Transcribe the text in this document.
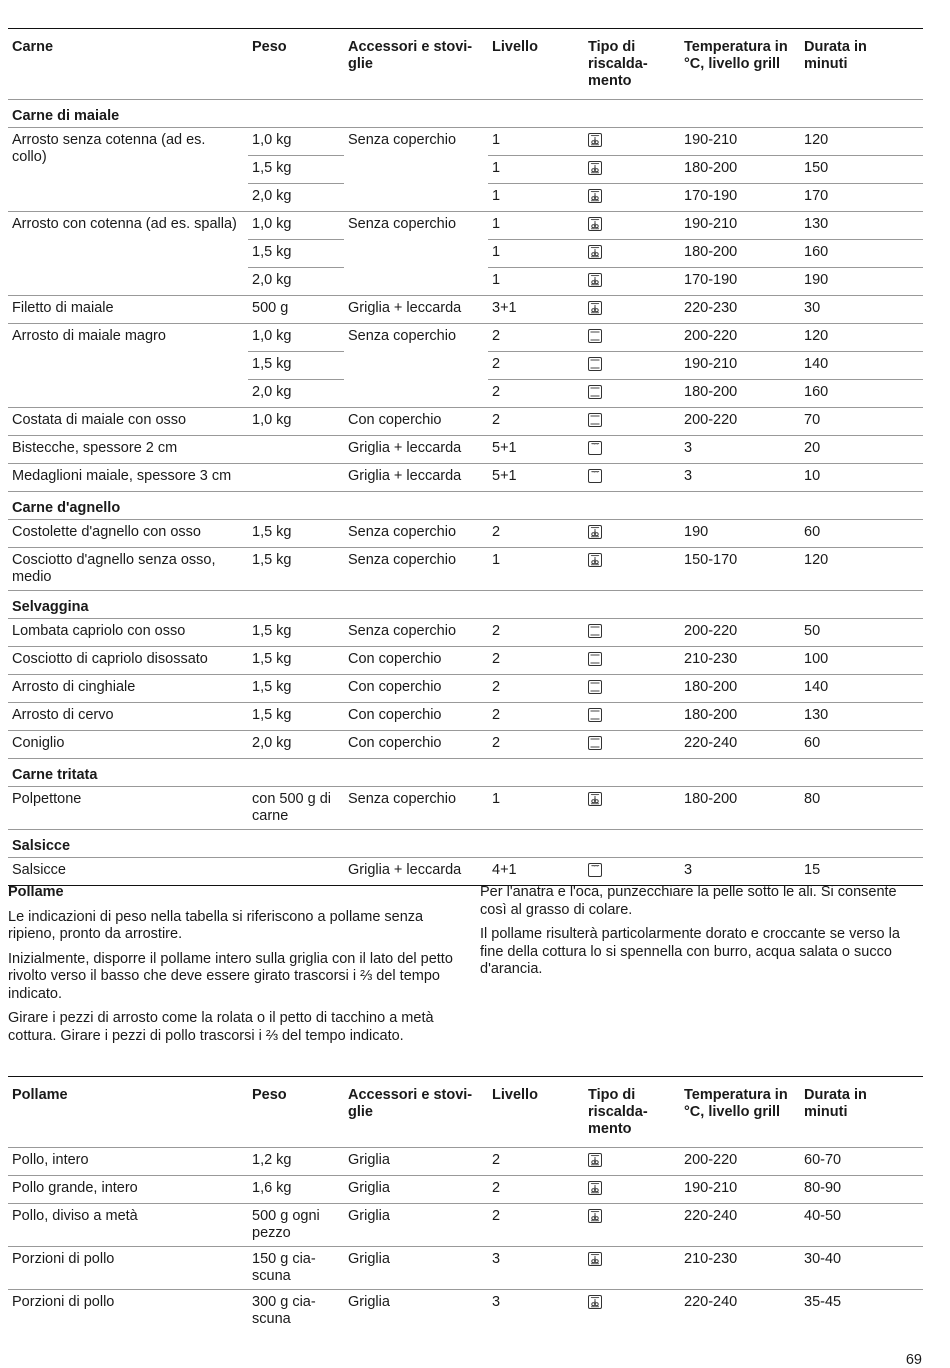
Carne	Peso	Accessori e stovi-
glie	Livello	Tipo di
riscalda-
mento	Temperatura in
°C, livello grill	Durata in
minuti
Carne di maiale						
Arrosto senza cotenna (ad es. collo)	1,0 kg	Senza coperchio	1		190-210	120
	1,5 kg		1		180-200	150
	2,0 kg		1		170-190	170
Arrosto con cotenna (ad es. spalla)	1,0 kg	Senza coperchio	1		190-210	130
	1,5 kg		1		180-200	160
	2,0 kg		1		170-190	190
Filetto di maiale	500 g	Griglia + leccarda	3+1		220-230	30
Arrosto di maiale magro	1,0 kg	Senza coperchio	2		200-220	120
	1,5 kg		2		190-210	140
	2,0 kg		2		180-200	160
Costata di maiale con osso	1,0 kg	Con coperchio	2		200-220	70
Bistecche, spessore 2 cm		Griglia + leccarda	5+1		3	20
Medaglioni maiale, spessore 3 cm		Griglia + leccarda	5+1		3	10
Carne d'agnello						
Costolette d'agnello con osso	1,5 kg	Senza coperchio	2		190	60
Cosciotto d'agnello senza osso, medio	1,5 kg	Senza coperchio	1		150-170	120
Selvaggina						
Lombata capriolo con osso	1,5 kg	Senza coperchio	2		200-220	50
Cosciotto di capriolo disossato	1,5 kg	Con coperchio	2		210-230	100
Arrosto di cinghiale	1,5 kg	Con coperchio	2		180-200	140
Arrosto di cervo	1,5 kg	Con coperchio	2		180-200	130
Coniglio	2,0 kg	Con coperchio	2		220-240	60
Carne tritata						
Polpettone	con 500 g di carne	Senza coperchio	1		180-200	80
Salsicce						
Salsicce		Griglia + leccarda	4+1		3	15

Pollame

Le indicazioni di peso nella tabella si riferiscono a pollame senza ripieno, pronto da arrostire.

Inizialmente, disporre il pollame intero sulla griglia con il lato del petto rivolto verso il basso che deve essere girato trascorsi i ⅔ del tempo indicato.

Girare i pezzi di arrosto come la rolata o il petto di tacchino a metà cottura. Girare i pezzi di pollo trascorsi i ⅔ del tempo indicato.

Per l'anatra e l'oca, punzecchiare la pelle sotto le ali. Si consente così al grasso di colare.

Il pollame risulterà particolarmente dorato e croccante se verso la fine della cottura lo si spennella con burro, acqua salata o succo d'arancia.

Pollame	Peso	Accessori e stovi-
glie	Livello	Tipo di
riscalda-
mento	Temperatura in
°C, livello grill	Durata in
minuti
Pollo, intero	1,2 kg	Griglia	2		200-220	60-70
Pollo grande, intero	1,6 kg	Griglia	2		190-210	80-90
Pollo, diviso a metà	500 g ogni pezzo	Griglia	2		220-240	40-50
Porzioni di pollo	150 g cia-scuna	Griglia	3		210-230	30-40
Porzioni di pollo	300 g cia-scuna	Griglia	3		220-240	35-45
69
